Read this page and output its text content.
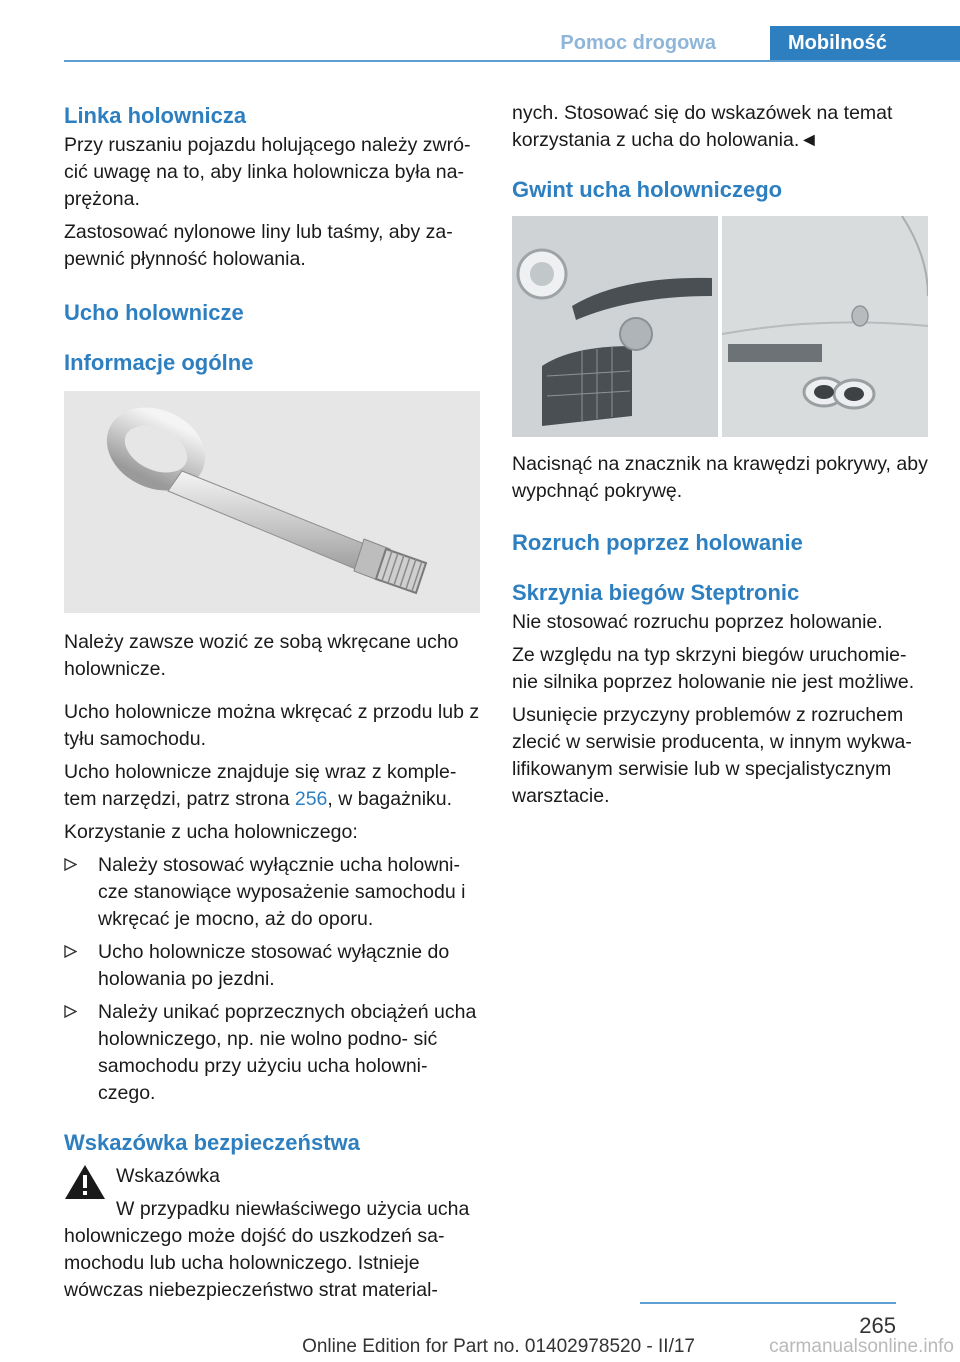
Pomoc drogowa	Mobilność
Linka holownicza

Przy ruszaniu pojazdu holującego należy zwró‐ cić uwagę na to, aby linka holownicza była na‐ prężona.

Zastosować nylonowe liny lub taśmy, aby za‐ pewnić płynność holowania.

Ucho holownicze
Informacje ogólne

Należy zawsze wozić ze sobą wkręcane ucho holownicze.

Ucho holownicze można wkręcać z przodu lub z tyłu samochodu.

Ucho holownicze znajduje się wraz z komple‐ tem narzędzi, patrz strona 256, w bagażniku.

Korzystanie z ucha holowniczego:

Należy stosować wyłącznie ucha holowni‐ cze stanowiące wyposażenie samochodu i wkręcać je mocno, aż do oporu.
Ucho holownicze stosować wyłącznie do holowania po jezdni.
Należy unikać poprzecznych obciążeń ucha holowniczego, np. nie wolno podno‐ sić samochodu przy użyciu ucha holowni‐ czego.
Wskazówka bezpieczeństwa

Wskazówka

W przypadku niewłaściwego użycia ucha

holowniczego może dojść do uszkodzeń sa‐ mochodu lub ucha holowniczego. Istnieje wówczas niebezpieczeństwo strat material‐

nych. Stosować się do wskazówek na temat korzystania z ucha do holowania.◄

Gwint ucha holowniczego

Nacisnąć na znacznik na krawędzi pokrywy, aby wypchnąć pokrywę.

Rozruch poprzez holowanie
Skrzynia biegów Steptronic

Nie stosować rozruchu poprzez holowanie.

Ze względu na typ skrzyni biegów uruchomie‐ nie silnika poprzez holowanie nie jest możliwe.

Usunięcie przyczyny problemów z rozruchem zlecić w serwisie producenta, w innym wykwa‐ lifikowanym serwisie lub w specjalistycznym warsztacie.

265
Online Edition for Part no. 01402978520 - II/17	carmanualsonline.info
